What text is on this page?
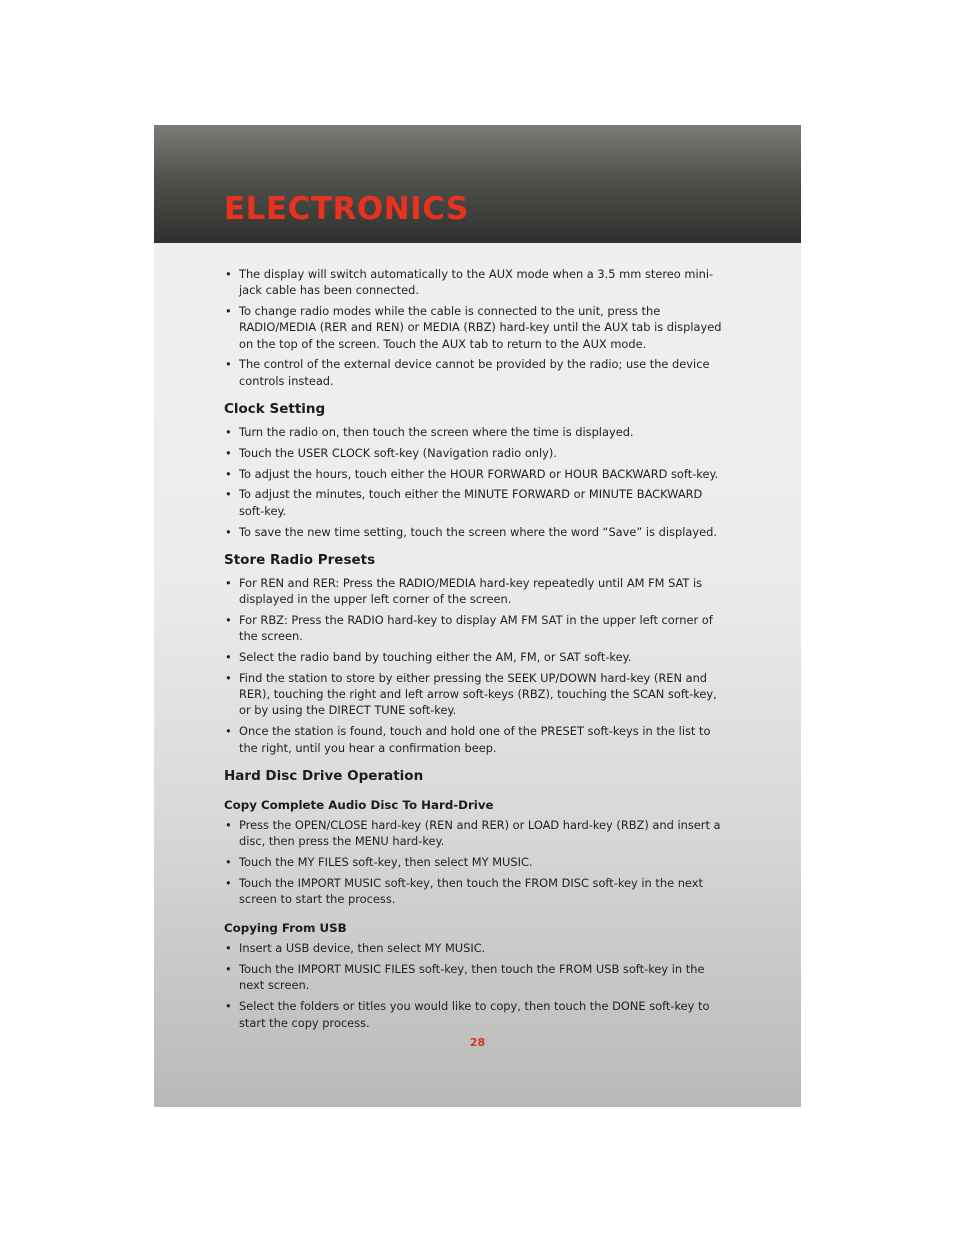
ELECTRONICS
• The display will switch automatically to the AUX mode when a 3.5 mm stereo mini-jack cable has been connected.
• To change radio modes while the cable is connected to the unit, press the RADIO/MEDIA (RER and REN) or MEDIA (RBZ) hard-key until the AUX tab is displayed on the top of the screen. Touch the AUX tab to return to the AUX mode.
• The control of the external device cannot be provided by the radio; use the device controls instead.
Clock Setting
• Turn the radio on, then touch the screen where the time is displayed.
• Touch the USER CLOCK soft-key (Navigation radio only).
• To adjust the hours, touch either the HOUR FORWARD or HOUR BACKWARD soft-key.
• To adjust the minutes, touch either the MINUTE FORWARD or MINUTE BACKWARD soft-key.
• To save the new time setting, touch the screen where the word “Save” is displayed.
Store Radio Presets
• For REN and RER: Press the RADIO/MEDIA hard-key repeatedly until AM FM SAT is displayed in the upper left corner of the screen.
• For RBZ: Press the RADIO hard-key to display AM FM SAT in the upper left corner of the screen.
• Select the radio band by touching either the AM, FM, or SAT soft-key.
• Find the station to store by either pressing the SEEK UP/DOWN hard-key (REN and RER), touching the right and left arrow soft-keys (RBZ), touching the SCAN soft-key, or by using the DIRECT TUNE soft-key.
• Once the station is found, touch and hold one of the PRESET soft-keys in the list to the right, until you hear a confirmation beep.
Hard Disc Drive Operation
Copy Complete Audio Disc To Hard-Drive
• Press the OPEN/CLOSE hard-key (REN and RER) or LOAD hard-key (RBZ) and insert a disc, then press the MENU hard-key.
• Touch the MY FILES soft-key, then select MY MUSIC.
• Touch the IMPORT MUSIC soft-key, then touch the FROM DISC soft-key in the next screen to start the process.
Copying From USB
• Insert a USB device, then select MY MUSIC.
• Touch the IMPORT MUSIC FILES soft-key, then touch the FROM USB soft-key in the next screen.
• Select the folders or titles you would like to copy, then touch the DONE soft-key to start the copy process.
28
